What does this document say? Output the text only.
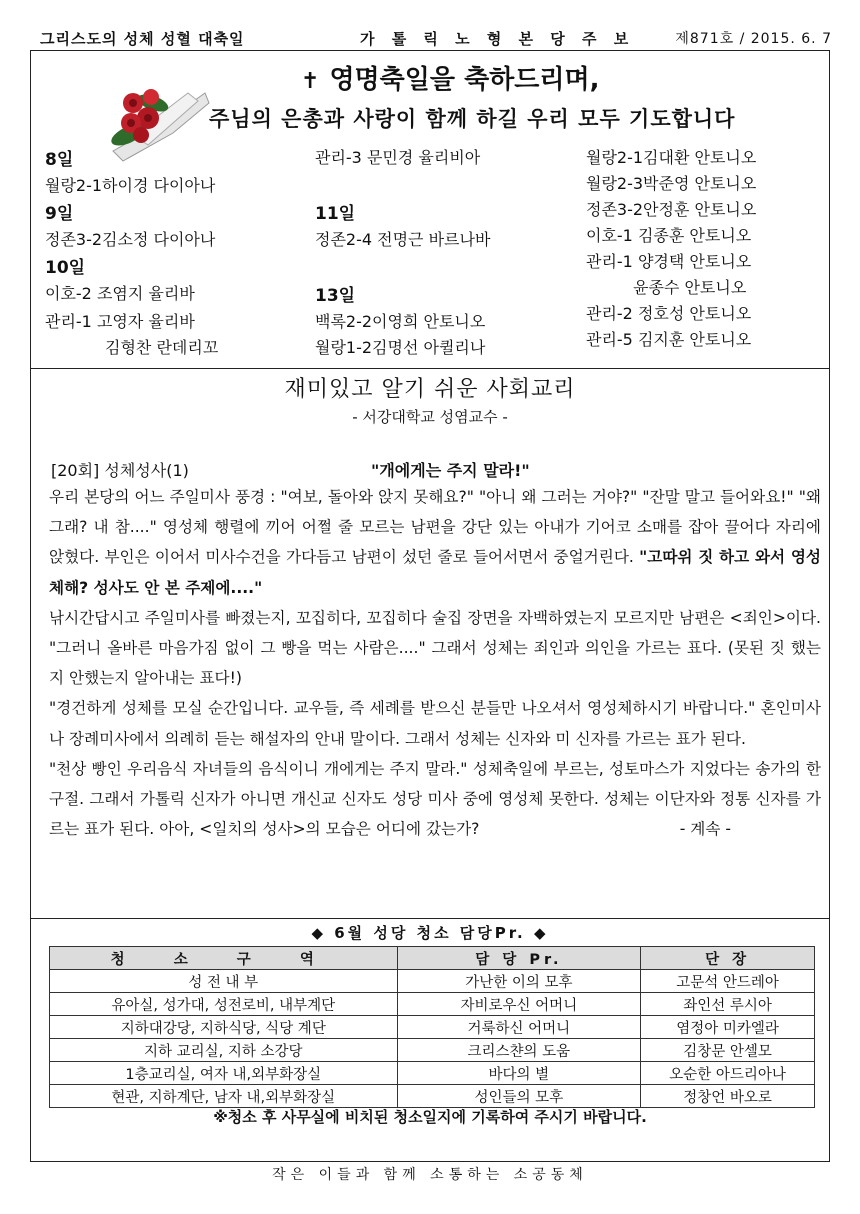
그리스도의 성체 성혈 대축일	가 톨 릭 노 형 본 당 주 보	제871호 / 2015. 6. 7
✝ 영명축일을 축하드리며,
주님의 은총과 사랑이 함께 하길 우리 모두 기도합니다
8일
월랑2-1하이경 다이아나
9일
정존3-2김소정 다이아나
10일
이호-2 조염지 율리바
관리-1 고영자 율리바
김형찬 란데리꼬
관리-3 문민경 율리비아
11일
정존2-4 전명근 바르나바
13일
백록2-2이영희 안토니오
월랑1-2김명선 아퀼리나
월랑2-1김대환 안토니오
월랑2-3박준영 안토니오
정존3-2안정훈 안토니오
이호-1 김종훈 안토니오
관리-1 양경택 안토니오
윤종수 안토니오
관리-2 정호성 안토니오
관리-5 김지훈 안토니오
재미있고 알기 쉬운 사회교리
- 서강대학교 성염교수 -
[20회] 성체성사(1)	"개에게는 주지 말라!"

우리 본당의 어느 주일미사 풍경 : "여보, 돌아와 앉지 못해요?" "아니 왜 그러는 거야?" "잔말 말고 들어와요!" "왜 그래? 내 참...." 영성체 행렬에 끼어 어쩔 줄 모르는 남편을 강단 있는 아내가 기어코 소매를 잡아 끌어다 자리에 앉혔다. 부인은 이어서 미사수건을 가다듬고 남편이 섰던 줄로 들어서면서 중얼거린다. "고따위 짓 하고 와서 영성체해? 성사도 안 본 주제에...."

낚시간답시고 주일미사를 빠졌는지, 꼬집히다, 꼬집히다 술집 장면을 자백하였는지 모르지만 남편은 <죄인>이다. "그러니 올바른 마음가짐 없이 그 빵을 먹는 사람은...." 그래서 성체는 죄인과 의인을 가르는 표다. (못된 짓 했는지 안했는지 알아내는 표다!)

"경건하게 성체를 모실 순간입니다. 교우들, 즉 세례를 받으신 분들만 나오셔서 영성체하시기 바랍니다." 혼인미사나 장례미사에서 의례히 듣는 해설자의 안내 말이다. 그래서 성체는 신자와 미 신자를 가르는 표가 된다.

"천상 빵인 우리음식 자녀들의 음식이니 개에게는 주지 말라." 성체축일에 부르는, 성토마스가 지었다는 송가의 한 구절. 그래서 가톨릭 신자가 아니면 개신교 신자도 성당 미사 중에 영성체 못한다. 성체는 이단자와 정통 신자를 가르는 표가 된다. 아아, <일치의 성사>의 모습은 어디에 갔는가?	- 계속 -

◆ 6월 성당 청소 담당Pr. ◆
청 소 구 역	담 당 Pr.	단 장
성 전 내 부	가난한 이의 모후	고문석 안드레아
유아실, 성가대, 성전로비, 내부계단	자비로우신 어머니	좌인선 루시아
지하대강당, 지하식당, 식당 계단	거룩하신 어머니	염정아 미카엘라
지하 교리실, 지하 소강당	크리스챤의 도움	김창문 안셀모
1층교리실, 여자 내,외부화장실	바다의 별	오순한 아드리아나
현관, 지하계단, 남자 내,외부화장실	성인들의 모후	정창언 바오로
※청소 후 사무실에 비치된 청소일지에 기록하여 주시기 바랍니다.
작은 이들과 함께 소통하는 소공동체
